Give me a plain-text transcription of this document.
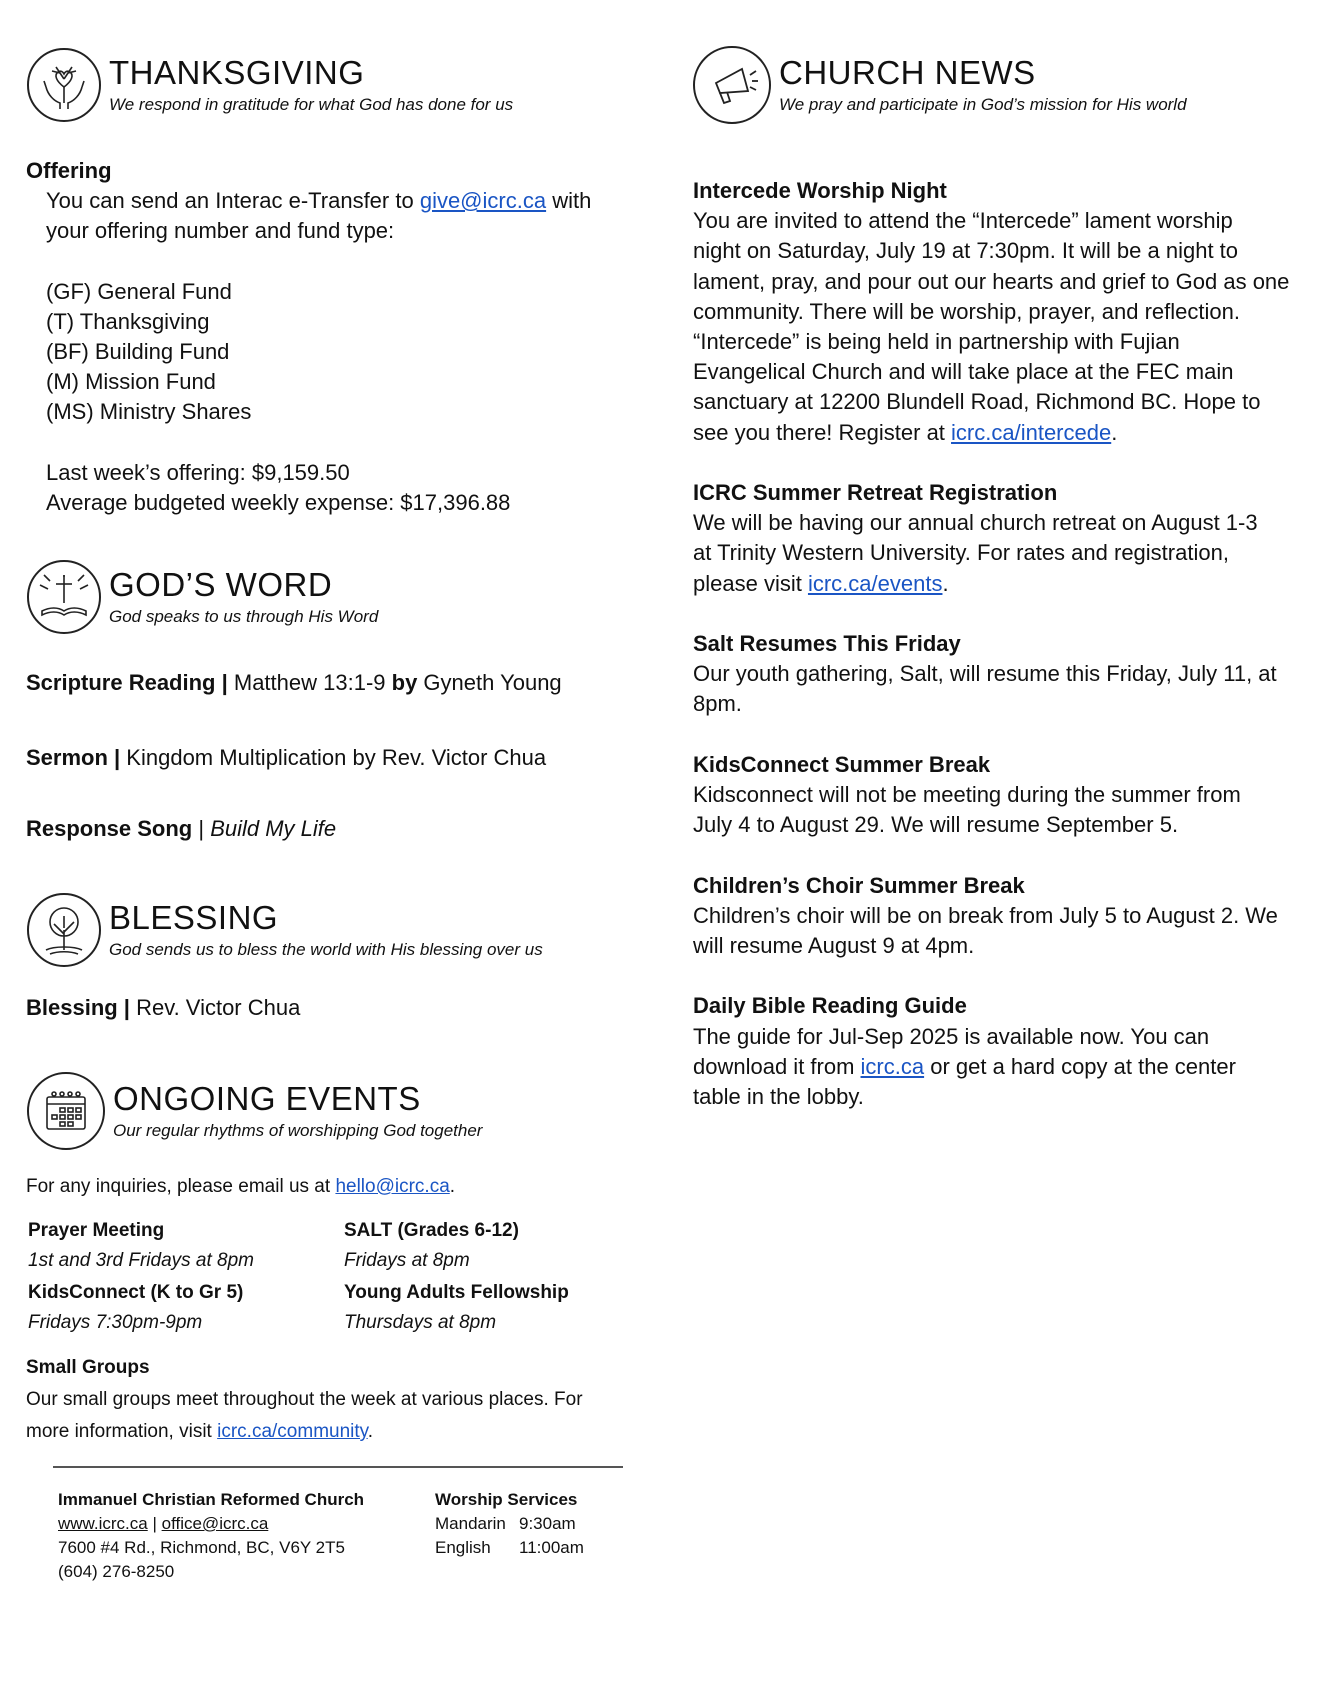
THANKSGIVING
We respond in gratitude for what God has done for us
Offering
You can send an Interac e-Transfer to give@icrc.ca with
your offering number and fund type:
(GF) General Fund
(T) Thanksgiving
(BF) Building Fund
(M) Mission Fund
(MS) Ministry Shares
Last week’s offering: $9,159.50
Average budgeted weekly expense: $17,396.88
GOD’S WORD
God speaks to us through His Word
Scripture Reading | Matthew 13:1-9 by Gyneth Young
Sermon | Kingdom Multiplication by Rev. Victor Chua
Response Song | Build My Life
BLESSING
God sends us to bless the world with His blessing over us
Blessing | Rev. Victor Chua
ONGOING EVENTS
Our regular rhythms of worshipping God together
For any inquiries, please email us at hello@icrc.ca.
Prayer Meeting
1st and 3rd Fridays at 8pm
SALT (Grades 6-12)
Fridays at 8pm
KidsConnect (K to Gr 5)
Fridays 7:30pm-9pm
Young Adults Fellowship
Thursdays at 8pm
Small Groups
Our small groups meet throughout the week at various places. For
more information, visit icrc.ca/community.
Immanuel Christian Reformed Church
www.icrc.ca | office@icrc.ca
7600 #4 Rd., Richmond, BC, V6Y 2T5
(604) 276-8250
Worship Services
Mandarin 9:30am
English 11:00am
CHURCH NEWS
We pray and participate in God’s mission for His world
Intercede Worship Night
You are invited to attend the “Intercede” lament worship
night on Saturday, July 19 at 7:30pm. It will be a night to
lament, pray, and pour out our hearts and grief to God as one
community. There will be worship, prayer, and reflection.
“Intercede” is being held in partnership with Fujian
Evangelical Church and will take place at the FEC main
sanctuary at 12200 Blundell Road, Richmond BC. Hope to
see you there! Register at icrc.ca/intercede.
ICRC Summer Retreat Registration
We will be having our annual church retreat on August 1-3
at Trinity Western University. For rates and registration,
please visit icrc.ca/events.
Salt Resumes This Friday
Our youth gathering, Salt, will resume this Friday, July 11, at
8pm.
KidsConnect Summer Break
Kidsconnect will not be meeting during the summer from
July 4 to August 29. We will resume September 5.
Children’s Choir Summer Break
Children’s choir will be on break from July 5 to August 2. We
will resume August 9 at 4pm.
Daily Bible Reading Guide
The guide for Jul-Sep 2025 is available now. You can
download it from icrc.ca or get a hard copy at the center
table in the lobby.
